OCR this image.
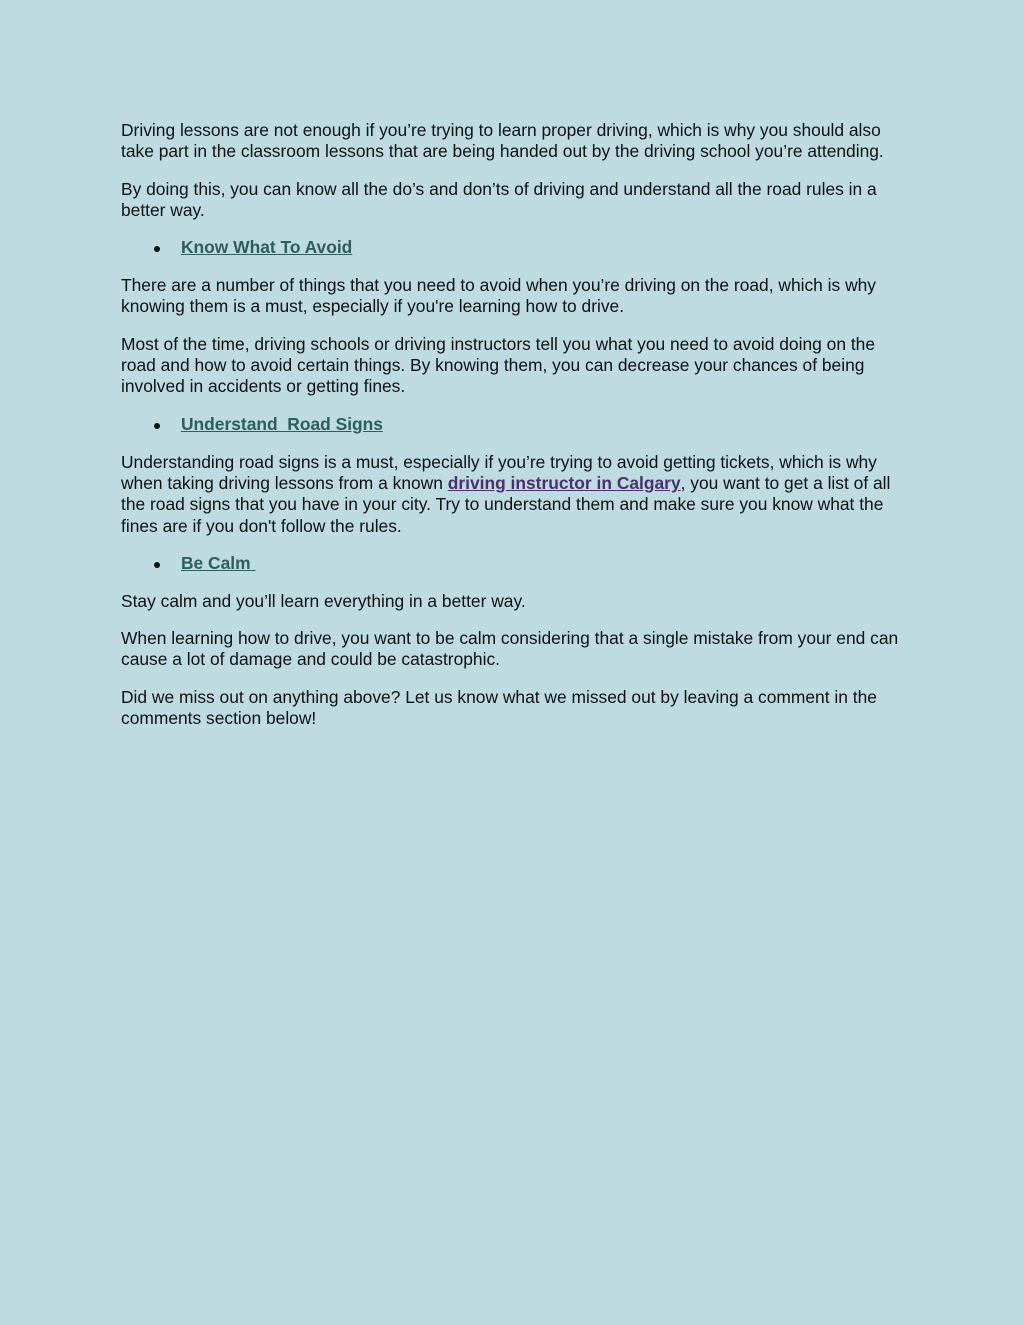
Driving lessons are not enough if you’re trying to learn proper driving, which is why you should also take part in the classroom lessons that are being handed out by the driving school you’re attending.

By doing this, you can know all the do’s and don’ts of driving and understand all the road rules in a better way.

Know What To Avoid

There are a number of things that you need to avoid when you’re driving on the road, which is why knowing them is a must, especially if you're learning how to drive.

Most of the time, driving schools or driving instructors tell you what you need to avoid doing on the road and how to avoid certain things. By knowing them, you can decrease your chances of being involved in accidents or getting fines.

Understand  Road Signs

Understanding road signs is a must, especially if you’re trying to avoid getting tickets, which is why when taking driving lessons from a known driving instructor in Calgary, you want to get a list of all the road signs that you have in your city. Try to understand them and make sure you know what the fines are if you don't follow the rules.

Be Calm

Stay calm and you’ll learn everything in a better way.

When learning how to drive, you want to be calm considering that a single mistake from your end can cause a lot of damage and could be catastrophic.

Did we miss out on anything above? Let us know what we missed out by leaving a comment in the comments section below!
